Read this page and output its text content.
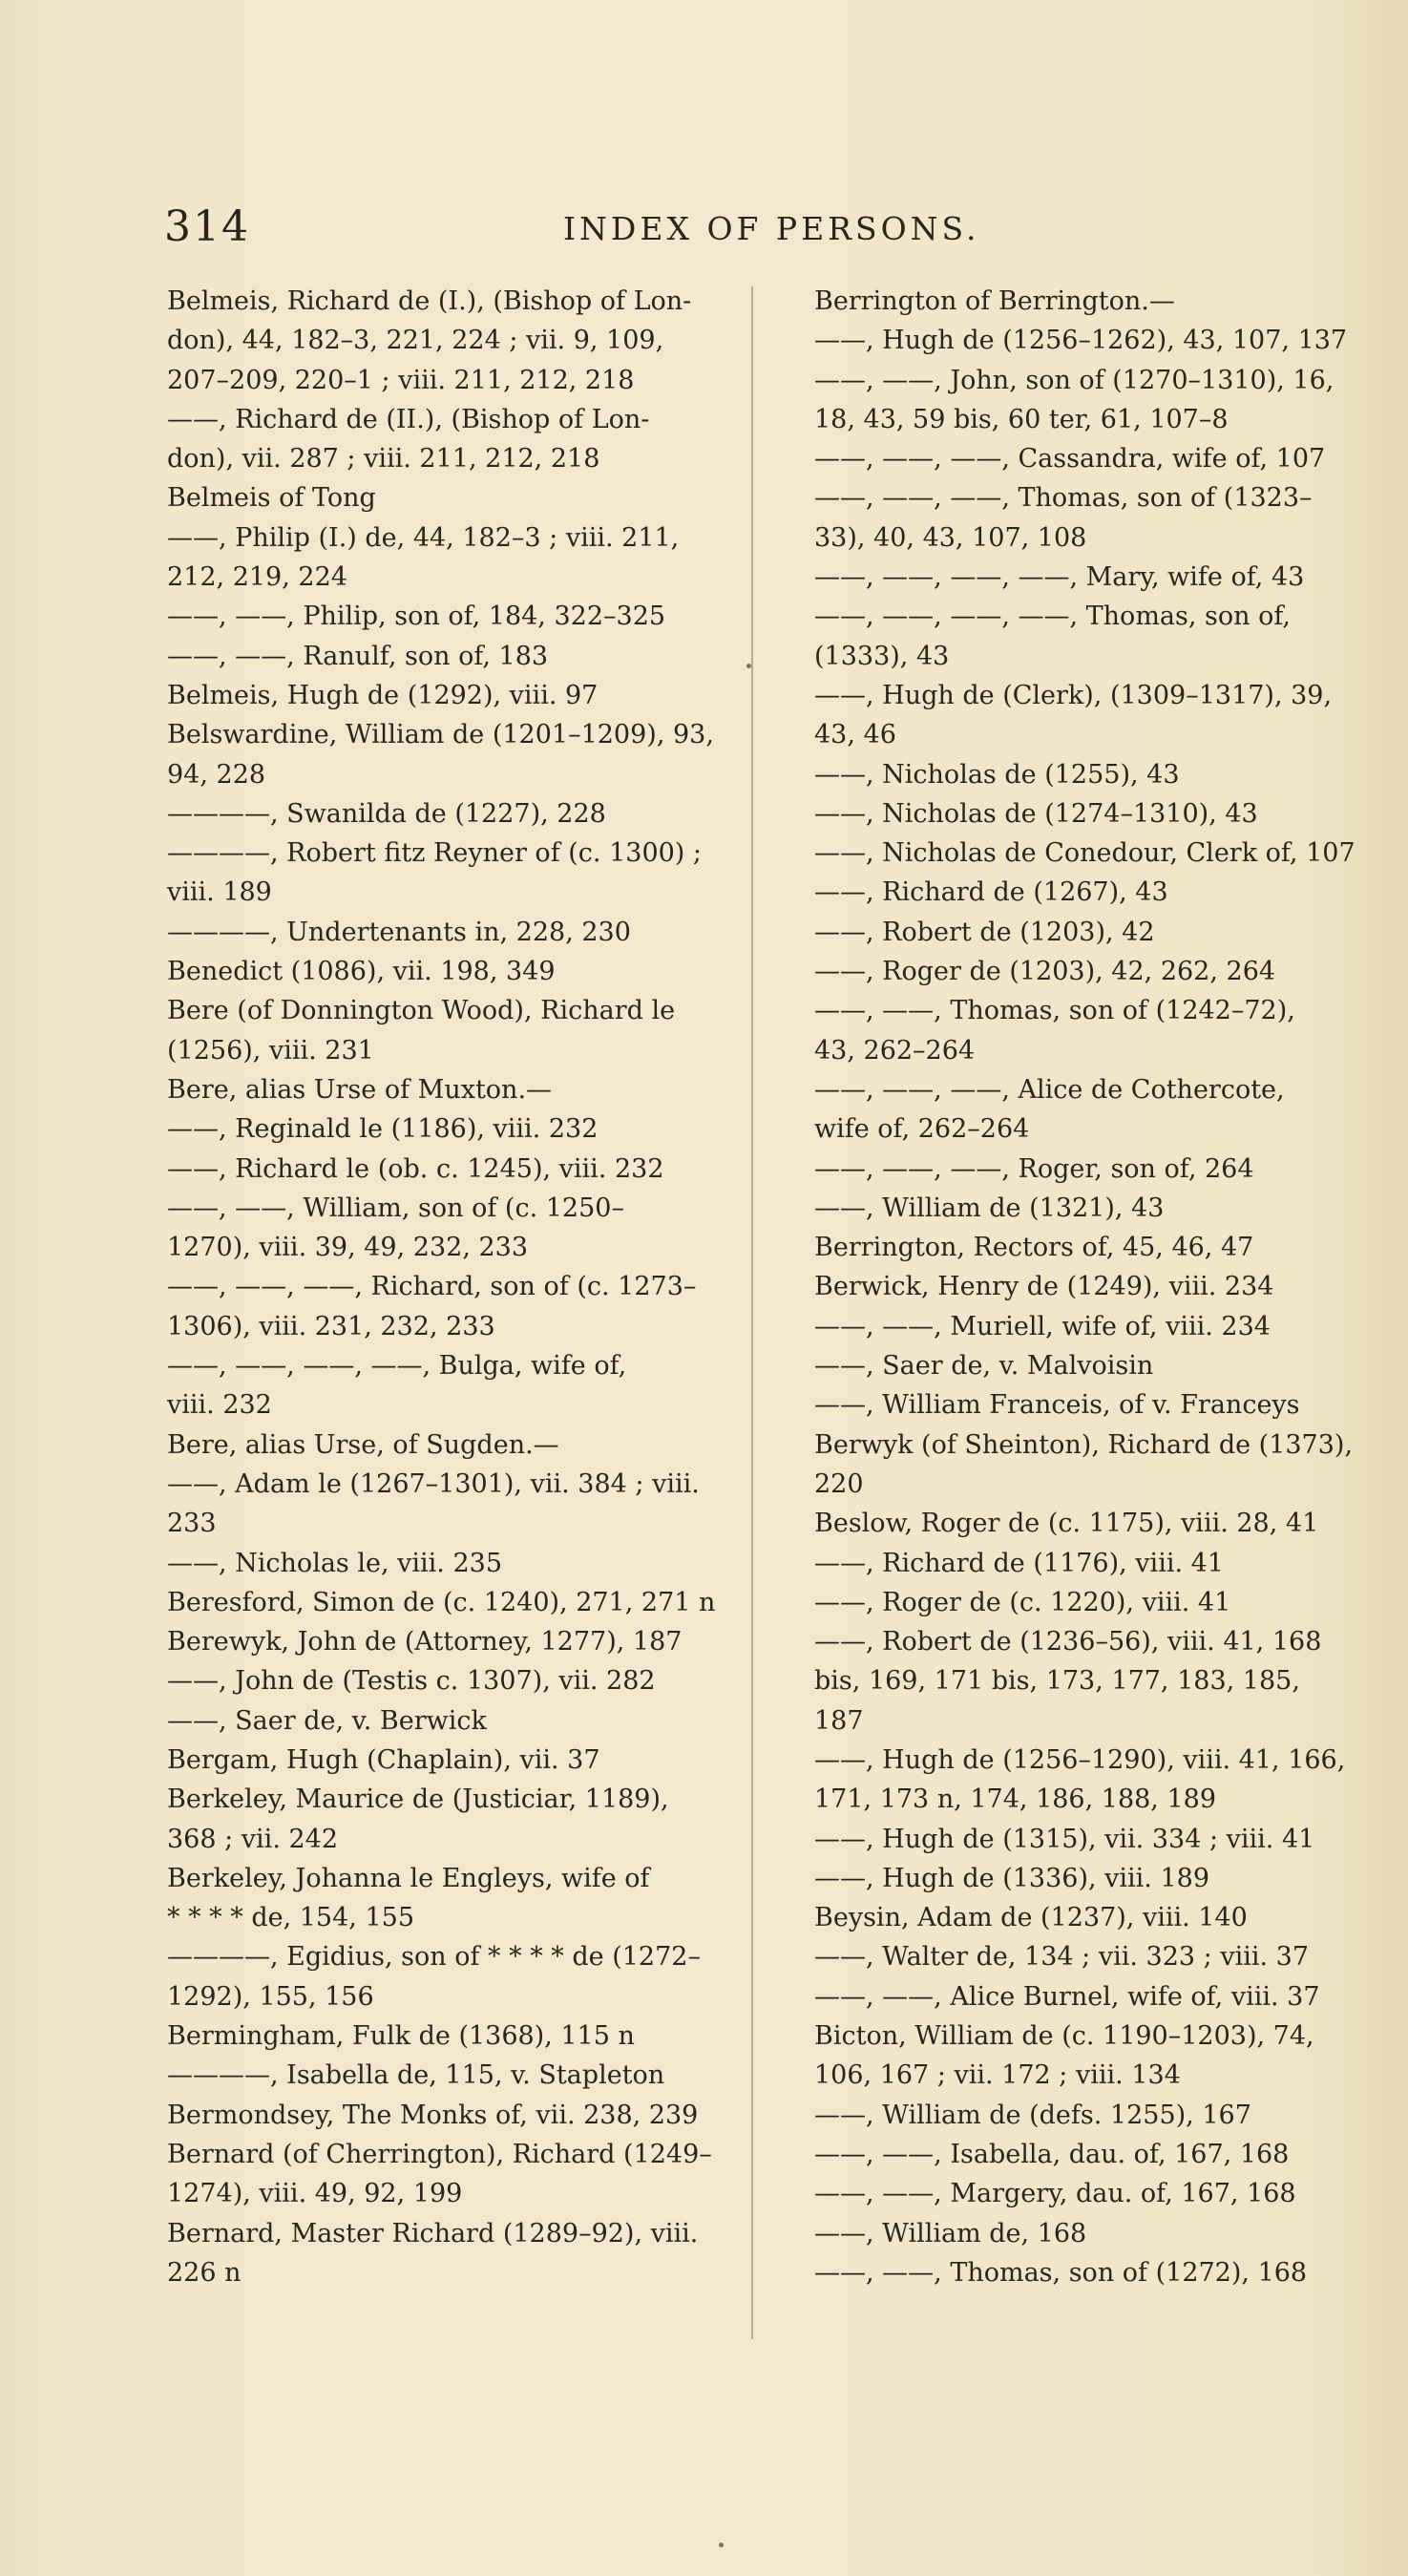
314	INDEX OF PERSONS.
Belmeis, Richard de (I.), (Bishop of Lon-
don), 44, 182–3, 221, 224 ; vii. 9, 109,
207–209, 220–1 ; viii. 211, 212, 218
——, Richard de (II.), (Bishop of Lon-
don), vii. 287 ; viii. 211, 212, 218
Belmeis of Tong
——, Philip (I.) de, 44, 182–3 ; viii. 211,
212, 219, 224
——, ——, Philip, son of, 184, 322–325
——, ——, Ranulf, son of, 183
Belmeis, Hugh de (1292), viii. 97
Belswardine, William de (1201–1209), 93,
94, 228
————, Swanilda de (1227), 228
————, Robert fitz Reyner of (c. 1300) ;
viii. 189
————, Undertenants in, 228, 230
Benedict (1086), vii. 198, 349
Bere (of Donnington Wood), Richard le
(1256), viii. 231
Bere, alias Urse of Muxton.—
——, Reginald le (1186), viii. 232
——, Richard le (ob. c. 1245), viii. 232
——, ——, William, son of (c. 1250–
1270), viii. 39, 49, 232, 233
——, ——, ——, Richard, son of (c. 1273–
1306), viii. 231, 232, 233
——, ——, ——, ——, Bulga, wife of,
viii. 232
Bere, alias Urse, of Sugden.—
——, Adam le (1267–1301), vii. 384 ; viii.
233
——, Nicholas le, viii. 235
Beresford, Simon de (c. 1240), 271, 271 n
Berewyk, John de (Attorney, 1277), 187
——, John de (Testis c. 1307), vii. 282
——, Saer de, v. Berwick
Bergam, Hugh (Chaplain), vii. 37
Berkeley, Maurice de (Justiciar, 1189),
368 ; vii. 242
Berkeley, Johanna le Engleys, wife of
* * * * de, 154, 155
————, Egidius, son of * * * * de (1272–
1292), 155, 156
Bermingham, Fulk de (1368), 115 n
————, Isabella de, 115, v. Stapleton
Bermondsey, The Monks of, vii. 238, 239
Bernard (of Cherrington), Richard (1249–
1274), viii. 49, 92, 199
Bernard, Master Richard (1289–92), viii.
226 n
Berrington of Berrington.—
——, Hugh de (1256–1262), 43, 107, 137
——, ——, John, son of (1270–1310), 16,
18, 43, 59 bis, 60 ter, 61, 107–8
——, ——, ——, Cassandra, wife of, 107
——, ——, ——, Thomas, son of (1323–
33), 40, 43, 107, 108
——, ——, ——, ——, Mary, wife of, 43
——, ——, ——, ——, Thomas, son of,
(1333), 43
——, Hugh de (Clerk), (1309–1317), 39,
43, 46
——, Nicholas de (1255), 43
——, Nicholas de (1274–1310), 43
——, Nicholas de Conedour, Clerk of, 107
——, Richard de (1267), 43
——, Robert de (1203), 42
——, Roger de (1203), 42, 262, 264
——, ——, Thomas, son of (1242–72),
43, 262–264
——, ——, ——, Alice de Cothercote,
wife of, 262–264
——, ——, ——, Roger, son of, 264
——, William de (1321), 43
Berrington, Rectors of, 45, 46, 47
Berwick, Henry de (1249), viii. 234
——, ——, Muriell, wife of, viii. 234
——, Saer de, v. Malvoisin
——, William Franceis, of v. Franceys
Berwyk (of Sheinton), Richard de (1373),
220
Beslow, Roger de (c. 1175), viii. 28, 41
——, Richard de (1176), viii. 41
——, Roger de (c. 1220), viii. 41
——, Robert de (1236–56), viii. 41, 168
bis, 169, 171 bis, 173, 177, 183, 185,
187
——, Hugh de (1256–1290), viii. 41, 166,
171, 173 n, 174, 186, 188, 189
——, Hugh de (1315), vii. 334 ; viii. 41
——, Hugh de (1336), viii. 189
Beysin, Adam de (1237), viii. 140
——, Walter de, 134 ; vii. 323 ; viii. 37
——, ——, Alice Burnel, wife of, viii. 37
Bicton, William de (c. 1190–1203), 74,
106, 167 ; vii. 172 ; viii. 134
——, William de (defs. 1255), 167
——, ——, Isabella, dau. of, 167, 168
——, ——, Margery, dau. of, 167, 168
——, William de, 168
——, ——, Thomas, son of (1272), 168
